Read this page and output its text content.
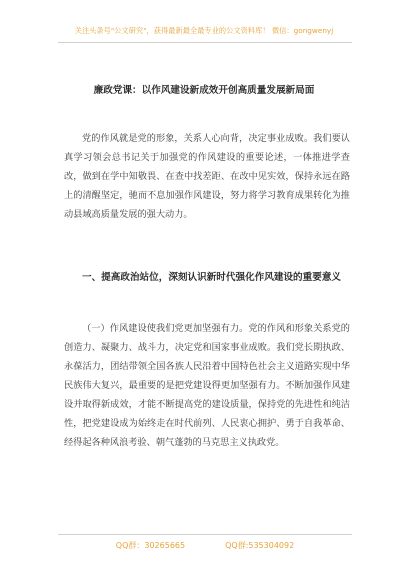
关注头条号"公文研究"，获得最新最全最专业的公文资料库！ 微信：gongwenyj
廉政党课：以作风建设新成效开创高质量发展新局面
党的作风就是党的形象，关系人心向背，决定事业成败。我们要认真学习领会总书记关于加强党的作风建设的重要论述，一体推进学查改，做到在学中知敬畏、在查中找差距、在改中见实效，保持永远在路上的清醒坚定，驰而不息加强作风建设，努力将学习教育成果转化为推动县域高质量发展的强大动力。
一、提高政治站位，深刻认识新时代强化作风建设的重要意义
（一）作风建设使我们党更加坚强有力。党的作风和形象关系党的创造力、凝聚力、战斗力，决定党和国家事业成败。我们党长期执政、永葆活力，团结带领全国各族人民沿着中国特色社会主义道路实现中华民族伟大复兴，最重要的是把党建设得更加坚强有力。不断加强作风建设并取得新成效，才能不断提高党的建设质量，保持党的先进性和纯洁性，把党建设成为始终走在时代前列、人民衷心拥护、勇于自我革命、经得起各种风浪考验、朝气蓬勃的马克思主义执政党。
QQ群：30265665	QQ群:535304092
